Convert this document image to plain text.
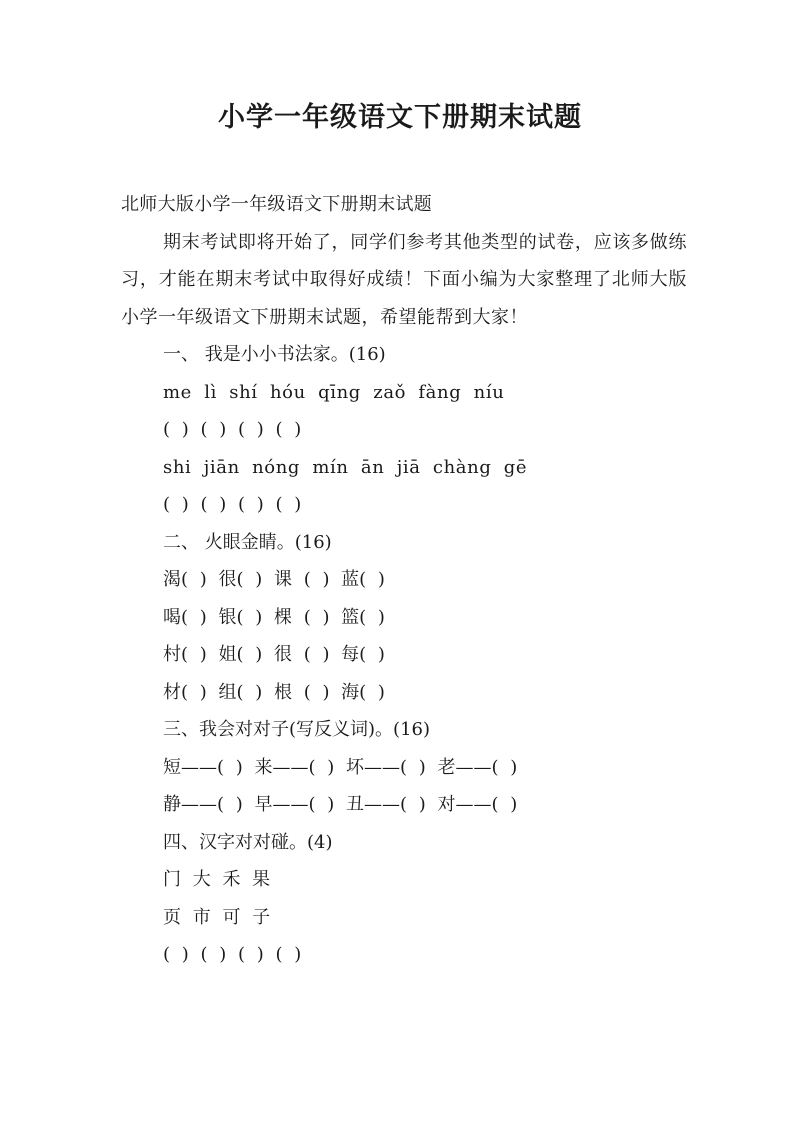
小学一年级语文下册期末试题
北师大版小学一年级语文下册期末试题
期末考试即将开始了，同学们参考其他类型的试卷，应该多做练习，才能在期末考试中取得好成绩！下面小编为大家整理了北师大版小学一年级语文下册期末试题，希望能帮到大家！
一、 我是小小书法家。(16)
me lì shí hóu qīng zaǒ fàng níu
( ) ( ) ( ) ( )
shi jiān nóng mín ān jiā chàng gē
( ) ( ) ( ) ( )
二、 火眼金睛。(16)
渴( ) 很( ) 课 ( ) 蓝( )
喝( ) 银( ) 棵 ( ) 篮( )
村( ) 姐( ) 很 ( ) 每( )
材( ) 组( ) 根 ( ) 海( )
三、我会对对子(写反义词)。(16)
短——( ) 来——( ) 坏——( ) 老——( )
静——( ) 早——( ) 丑——( ) 对——( )
四、汉字对对碰。(4)
门 大 禾 果
页 市 可 子
( ) ( ) ( ) ( )
